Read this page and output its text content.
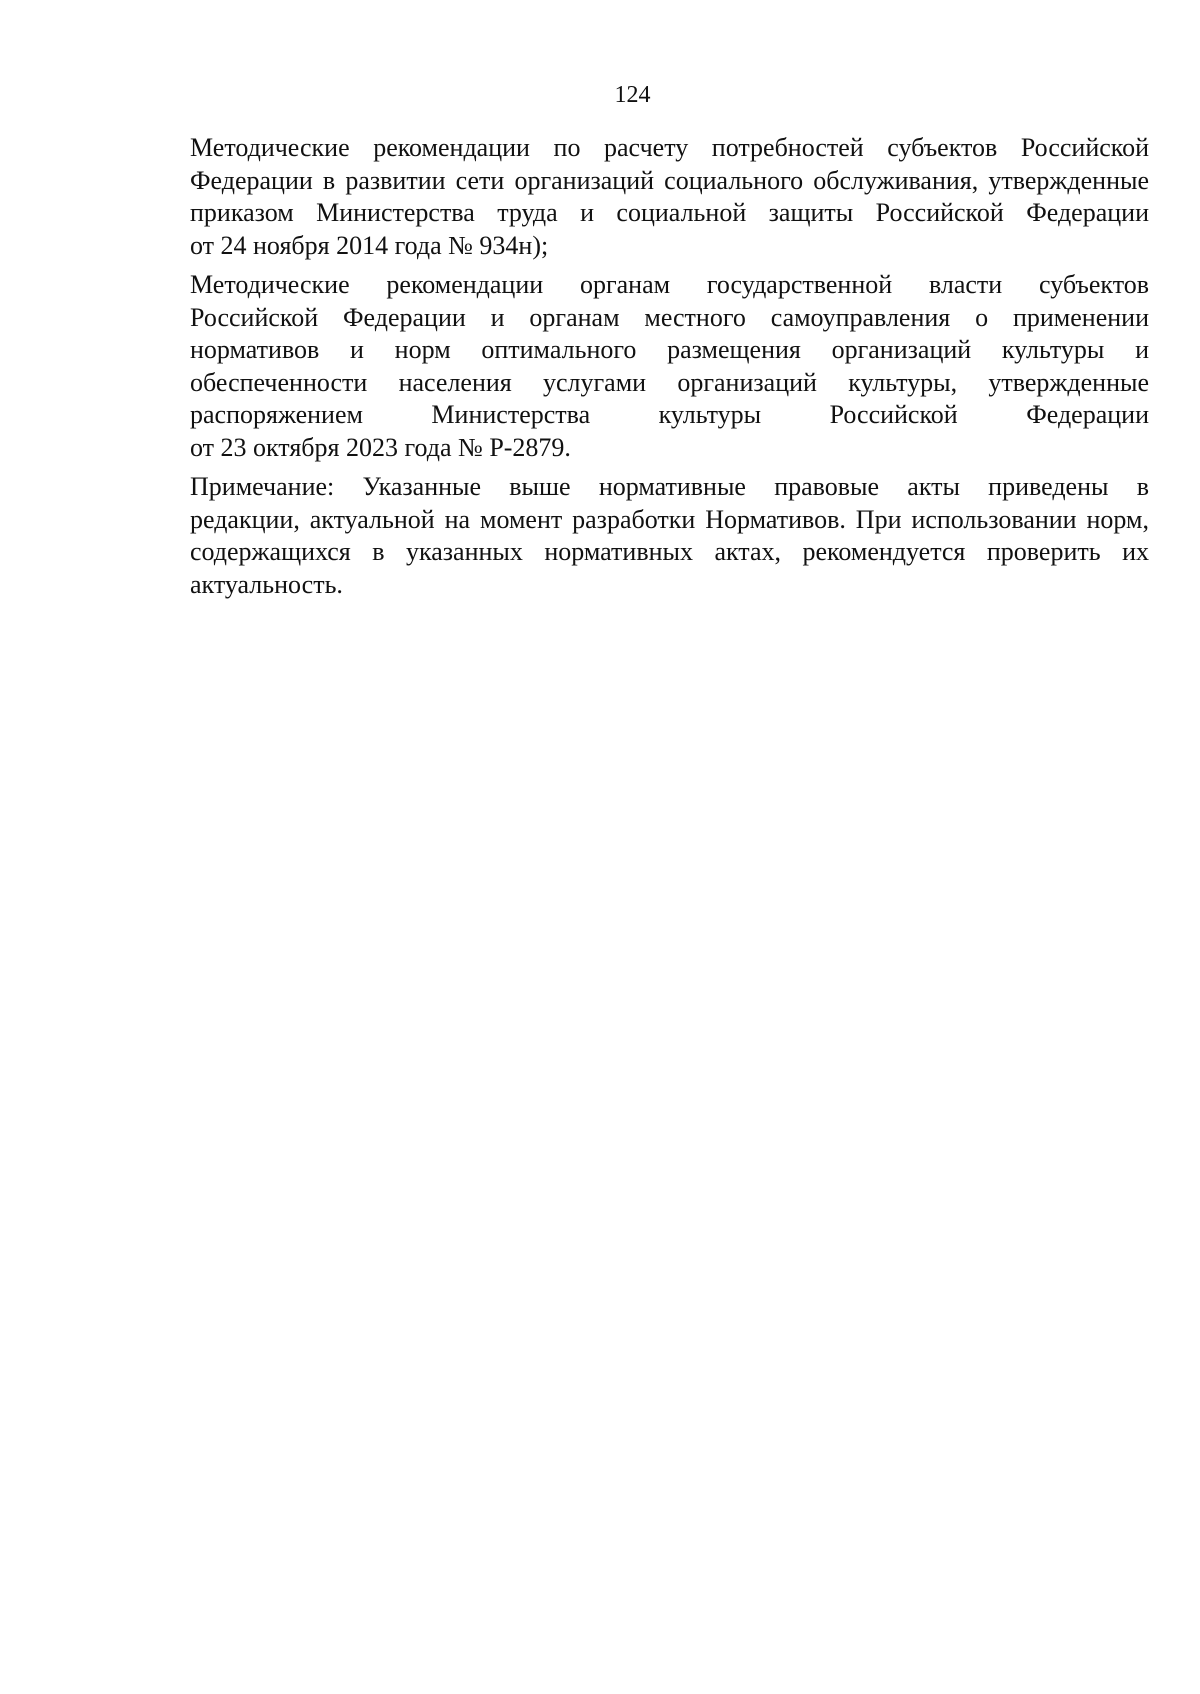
124
Методические рекомендации по расчету потребностей субъектов Российской
Федерации в развитии сети организаций социального обслуживания, утвержденные
приказом Министерства труда и социальной защиты Российской Федерации
от 24 ноября 2014 года № 934н);
Методические рекомендации органам государственной власти субъектов
Российской Федерации и органам местного самоуправления о применении
нормативов и норм оптимального размещения организаций культуры и
обеспеченности населения услугами организаций культуры, утвержденные
распоряжением Министерства культуры Российской Федерации
от 23 октября 2023 года № Р-2879.
Примечание: Указанные выше нормативные правовые акты приведены в
редакции, актуальной на момент разработки Нормативов. При использовании норм,
содержащихся в указанных нормативных актах, рекомендуется проверить их
актуальность.
